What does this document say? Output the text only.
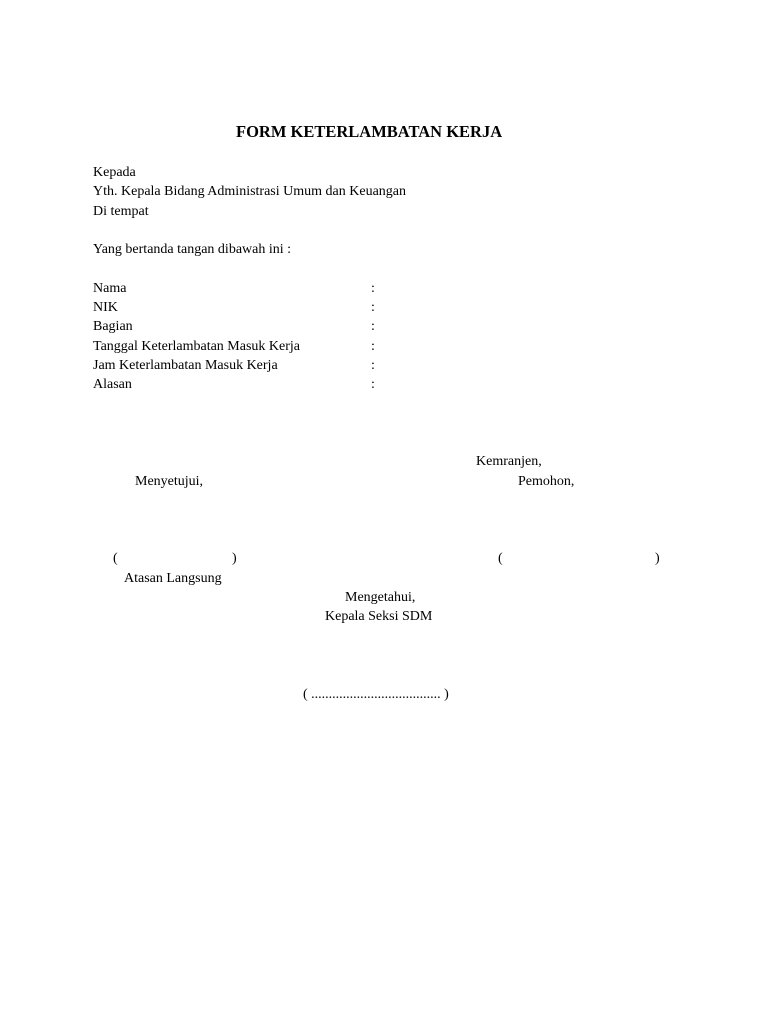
FORM KETERLAMBATAN KERJA
Kepada
Yth. Kepala Bidang Administrasi Umum dan Keuangan
Di tempat
Yang bertanda tangan dibawah ini :
Nama	:
NIK	:
Bagian	:
Tanggal Keterlambatan Masuk Kerja	:
Jam Keterlambatan Masuk Kerja	:
Alasan	:
Kemranjen,
Menyetujui,	Pemohon,
(	)	(	)
Atasan Langsung
Mengetahui,
Kepala Seksi SDM
( ..................................... )
